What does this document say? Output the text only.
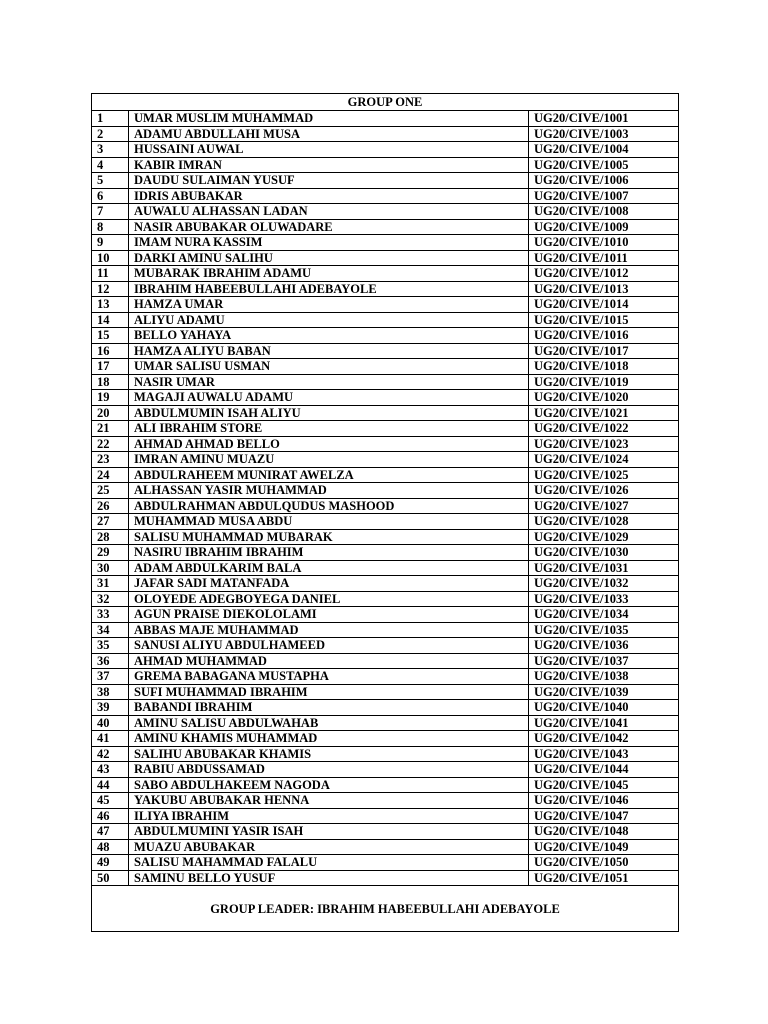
GROUP ONE		
1	UMAR MUSLIM MUHAMMAD	UG20/CIVE/1001
2	ADAMU ABDULLAHI MUSA	UG20/CIVE/1003
3	HUSSAINI AUWAL	UG20/CIVE/1004
4	KABIR IMRAN	UG20/CIVE/1005
5	DAUDU SULAIMAN YUSUF	UG20/CIVE/1006
6	IDRIS ABUBAKAR	UG20/CIVE/1007
7	AUWALU ALHASSAN LADAN	UG20/CIVE/1008
8	NASIR ABUBAKAR OLUWADARE	UG20/CIVE/1009
9	IMAM NURA KASSIM	UG20/CIVE/1010
10	DARKI AMINU SALIHU	UG20/CIVE/1011
11	MUBARAK IBRAHIM ADAMU	UG20/CIVE/1012
12	IBRAHIM HABEEBULLAHI ADEBAYOLE	UG20/CIVE/1013
13	HAMZA UMAR	UG20/CIVE/1014
14	ALIYU ADAMU	UG20/CIVE/1015
15	BELLO YAHAYA	UG20/CIVE/1016
16	HAMZA ALIYU BABAN	UG20/CIVE/1017
17	UMAR SALISU USMAN	UG20/CIVE/1018
18	NASIR UMAR	UG20/CIVE/1019
19	MAGAJI AUWALU ADAMU	UG20/CIVE/1020
20	ABDULMUMIN ISAH ALIYU	UG20/CIVE/1021
21	ALI IBRAHIM STORE	UG20/CIVE/1022
22	AHMAD AHMAD BELLO	UG20/CIVE/1023
23	IMRAN AMINU MUAZU	UG20/CIVE/1024
24	ABDULRAHEEM MUNIRAT AWELZA	UG20/CIVE/1025
25	ALHASSAN YASIR MUHAMMAD	UG20/CIVE/1026
26	ABDULRAHMAN ABDULQUDUS MASHOOD	UG20/CIVE/1027
27	MUHAMMAD MUSA ABDU	UG20/CIVE/1028
28	SALISU MUHAMMAD MUBARAK	UG20/CIVE/1029
29	NASIRU IBRAHIM IBRAHIM	UG20/CIVE/1030
30	ADAM ABDULKARIM BALA	UG20/CIVE/1031
31	JAFAR SADI MATANFADA	UG20/CIVE/1032
32	OLOYEDE ADEGBOYEGA DANIEL	UG20/CIVE/1033
33	AGUN PRAISE DIEKOLOLAMI	UG20/CIVE/1034
34	ABBAS MAJE MUHAMMAD	UG20/CIVE/1035
35	SANUSI ALIYU ABDULHAMEED	UG20/CIVE/1036
36	AHMAD MUHAMMAD	UG20/CIVE/1037
37	GREMA BABAGANA MUSTAPHA	UG20/CIVE/1038
38	SUFI MUHAMMAD IBRAHIM	UG20/CIVE/1039
39	BABANDI IBRAHIM	UG20/CIVE/1040
40	AMINU SALISU ABDULWAHAB	UG20/CIVE/1041
41	AMINU KHAMIS MUHAMMAD	UG20/CIVE/1042
42	SALIHU ABUBAKAR KHAMIS	UG20/CIVE/1043
43	RABIU ABDUSSAMAD	UG20/CIVE/1044
44	SABO ABDULHAKEEM NAGODA	UG20/CIVE/1045
45	YAKUBU ABUBAKAR HENNA	UG20/CIVE/1046
46	ILIYA IBRAHIM	UG20/CIVE/1047
47	ABDULMUMINI YASIR ISAH	UG20/CIVE/1048
48	MUAZU ABUBAKAR	UG20/CIVE/1049
49	SALISU MAHAMMAD FALALU	UG20/CIVE/1050
50	SAMINU BELLO YUSUF	UG20/CIVE/1051
GROUP LEADER: IBRAHIM HABEEBULLAHI ADEBAYOLE		
